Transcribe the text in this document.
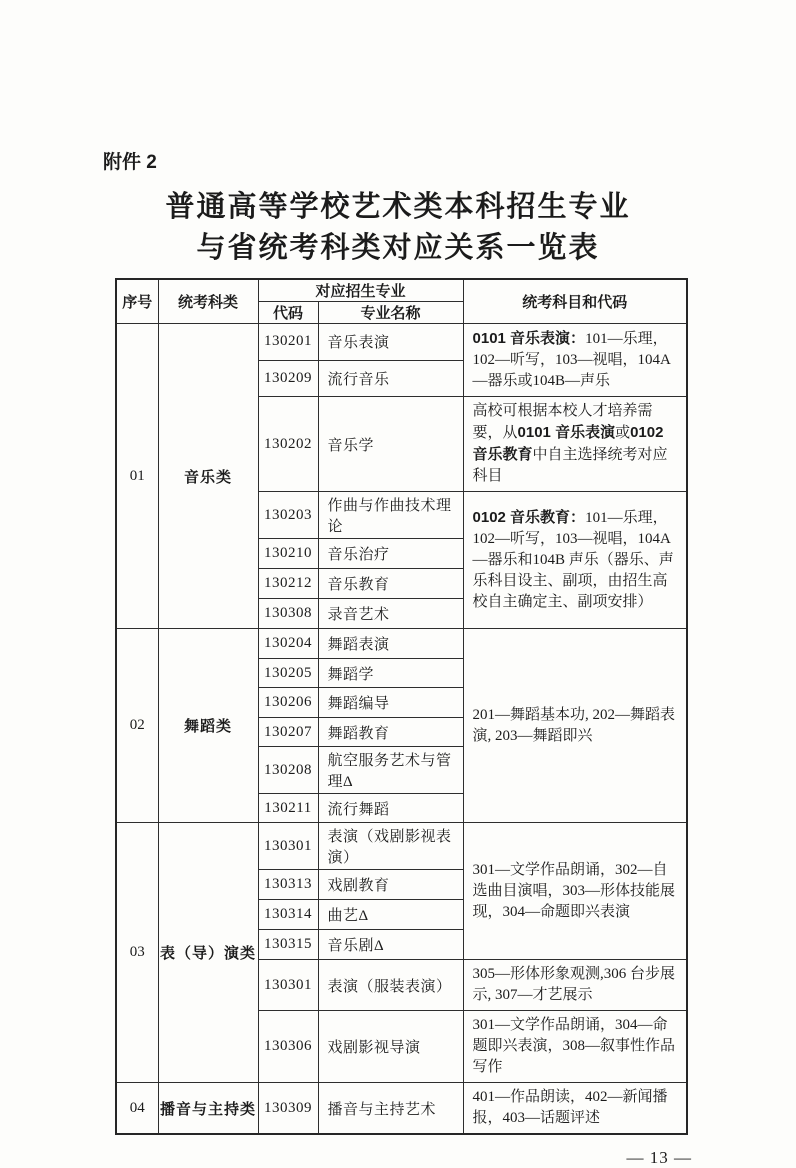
附件 2
普通高等学校艺术类本科招生专业
与省统考科类对应关系一览表
序号	统考科类	对应招生专业		统考科目和代码
		代码	专业名称	
01	音乐类	130201	音乐表演	0101 音乐表演：101—乐理，102—听写，103—视唱，104A—器乐或104B—声乐
		130209	流行音乐	
		130202	音乐学	高校可根据本校人才培养需要，从0101 音乐表演或0102 音乐教育中自主选择统考对应科目
		130203	作曲与作曲技术理论	0102 音乐教育：101—乐理，102—听写，103—视唱，104A—器乐和104B 声乐（器乐、声乐科目设主、副项，由招生高校自主确定主、副项安排）
		130210	音乐治疗	
		130212	音乐教育	
		130308	录音艺术	
02	舞蹈类	130204	舞蹈表演	201—舞蹈基本功, 202—舞蹈表演, 203—舞蹈即兴
		130205	舞蹈学	
		130206	舞蹈编导	
		130207	舞蹈教育	
		130208	航空服务艺术与管理Δ	
		130211	流行舞蹈	
03	表（导）演类	130301	表演（戏剧影视表演）	301—文学作品朗诵，302—自选曲目演唱，303—形体技能展现，304—命题即兴表演
		130313	戏剧教育	
		130314	曲艺Δ	
		130315	音乐剧Δ	
		130301	表演（服装表演）	305—形体形象观测,306 台步展示, 307—才艺展示
		130306	戏剧影视导演	301—文学作品朗诵，304—命题即兴表演，308—叙事性作品写作
04	播音与主持类	130309	播音与主持艺术	401—作品朗读，402—新闻播报，403—话题评述
— 13 —
